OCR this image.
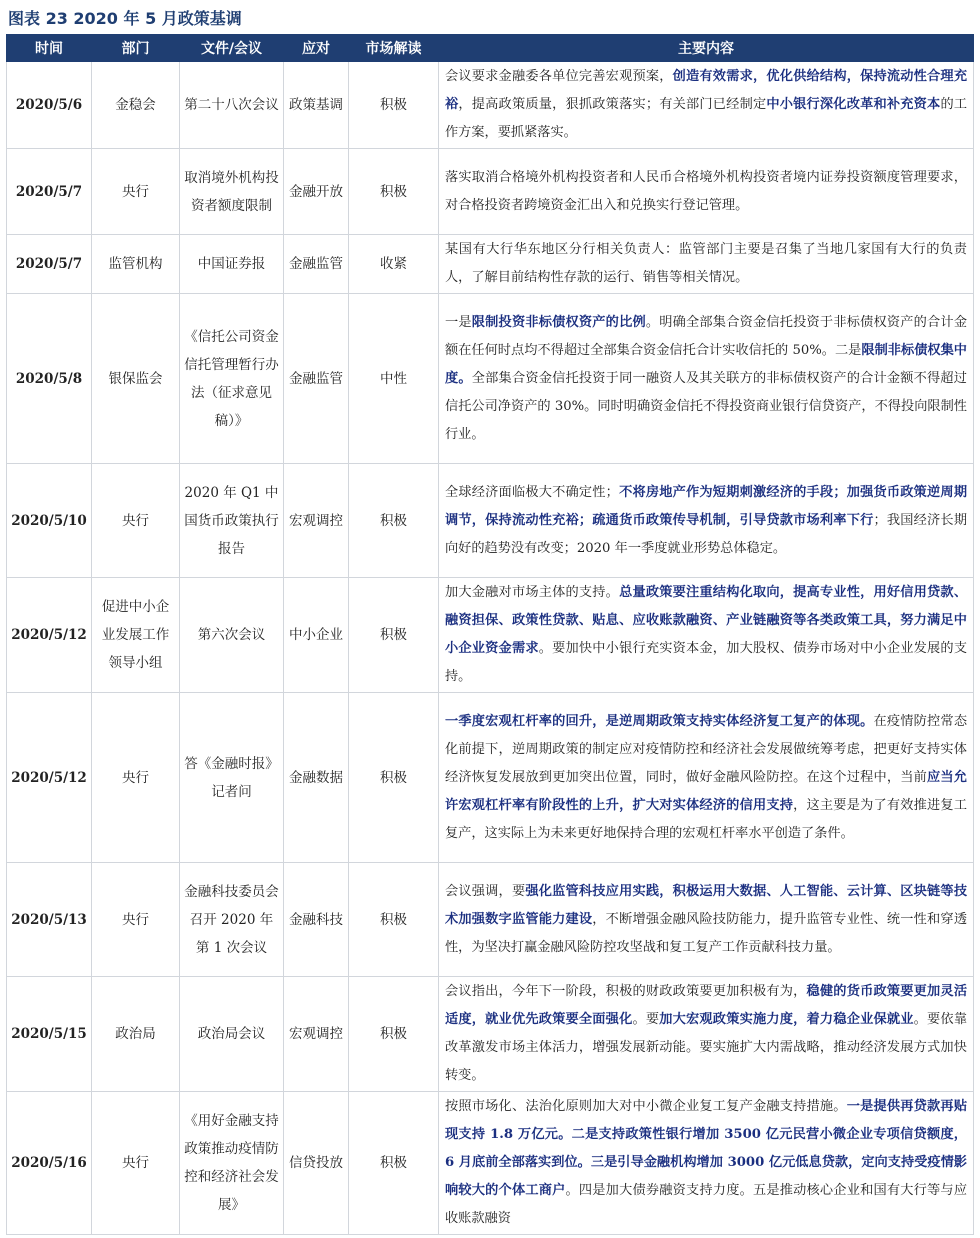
图表 23 2020 年 5 月政策基调
时间	部门	文件/会议	应对	市场解读	主要内容
2020/5/6	金稳会	第二十八次会议	政策基调	积极	会议要求金融委各单位完善宏观预案，创造有效需求，优化供给结构，保持流动性合理充裕，提高政策质量，狠抓政策落实；有关部门已经制定中小银行深化改革和补充资本的工作方案，要抓紧落实。
2020/5/7	央行	取消境外机构投资者额度限制	金融开放	积极	落实取消合格境外机构投资者和人民币合格境外机构投资者境内证券投资额度管理要求，对合格投资者跨境资金汇出入和兑换实行登记管理。
2020/5/7	监管机构	中国证券报	金融监管	收紧	某国有大行华东地区分行相关负责人：监管部门主要是召集了当地几家国有大行的负责人，了解目前结构性存款的运行、销售等相关情况。
2020/5/8	银保监会	《信托公司资金信托管理暂行办法（征求意见稿）》	金融监管	中性	一是限制投资非标债权资产的比例。明确全部集合资金信托投资于非标债权资产的合计金额在任何时点均不得超过全部集合资金信托合计实收信托的 50%。二是限制非标债权集中度。全部集合资金信托投资于同一融资人及其关联方的非标债权资产的合计金额不得超过信托公司净资产的 30%。同时明确资金信托不得投资商业银行信贷资产，不得投向限制性行业。
2020/5/10	央行	2020 年 Q1 中国货币政策执行报告	宏观调控	积极	全球经济面临极大不确定性；不将房地产作为短期刺激经济的手段；加强货币政策逆周期调节，保持流动性充裕；疏通货币政策传导机制，引导贷款市场利率下行；我国经济长期向好的趋势没有改变；2020 年一季度就业形势总体稳定。
2020/5/12	促进中小企业发展工作领导小组	第六次会议	中小企业	积极	加大金融对市场主体的支持。总量政策要注重结构化取向，提高专业性，用好信用贷款、融资担保、政策性贷款、贴息、应收账款融资、产业链融资等各类政策工具，努力满足中小企业资金需求。要加快中小银行充实资本金，加大股权、债券市场对中小企业发展的支持。
2020/5/12	央行	答《金融时报》记者问	金融数据	积极	一季度宏观杠杆率的回升，是逆周期政策支持实体经济复工复产的体现。在疫情防控常态化前提下，逆周期政策的制定应对疫情防控和经济社会发展做统筹考虑，把更好支持实体经济恢复发展放到更加突出位置，同时，做好金融风险防控。在这个过程中，当前应当允许宏观杠杆率有阶段性的上升，扩大对实体经济的信用支持，这主要是为了有效推进复工复产，这实际上为未来更好地保持合理的宏观杠杆率水平创造了条件。
2020/5/13	央行	金融科技委员会召开 2020 年第 1 次会议	金融科技	积极	会议强调，要强化监管科技应用实践，积极运用大数据、人工智能、云计算、区块链等技术加强数字监管能力建设，不断增强金融风险技防能力，提升监管专业性、统一性和穿透性，为坚决打赢金融风险防控攻坚战和复工复产工作贡献科技力量。
2020/5/15	政治局	政治局会议	宏观调控	积极	会议指出，今年下一阶段，积极的财政政策要更加积极有为，稳健的货币政策要更加灵活适度，就业优先政策要全面强化。要加大宏观政策实施力度，着力稳企业保就业。要依靠改革激发市场主体活力，增强发展新动能。要实施扩大内需战略，推动经济发展方式加快转变。
2020/5/16	央行	《用好金融支持政策推动疫情防控和经济社会发展》	信贷投放	积极	按照市场化、法治化原则加大对中小微企业复工复产金融支持措施。一是提供再贷款再贴现支持 1.8 万亿元。二是支持政策性银行增加 3500 亿元民营小微企业专项信贷额度，6 月底前全部落实到位。三是引导金融机构增加 3000 亿元低息贷款，定向支持受疫情影响较大的个体工商户。四是加大债券融资支持力度。五是推动核心企业和国有大行等与应收账款融资
